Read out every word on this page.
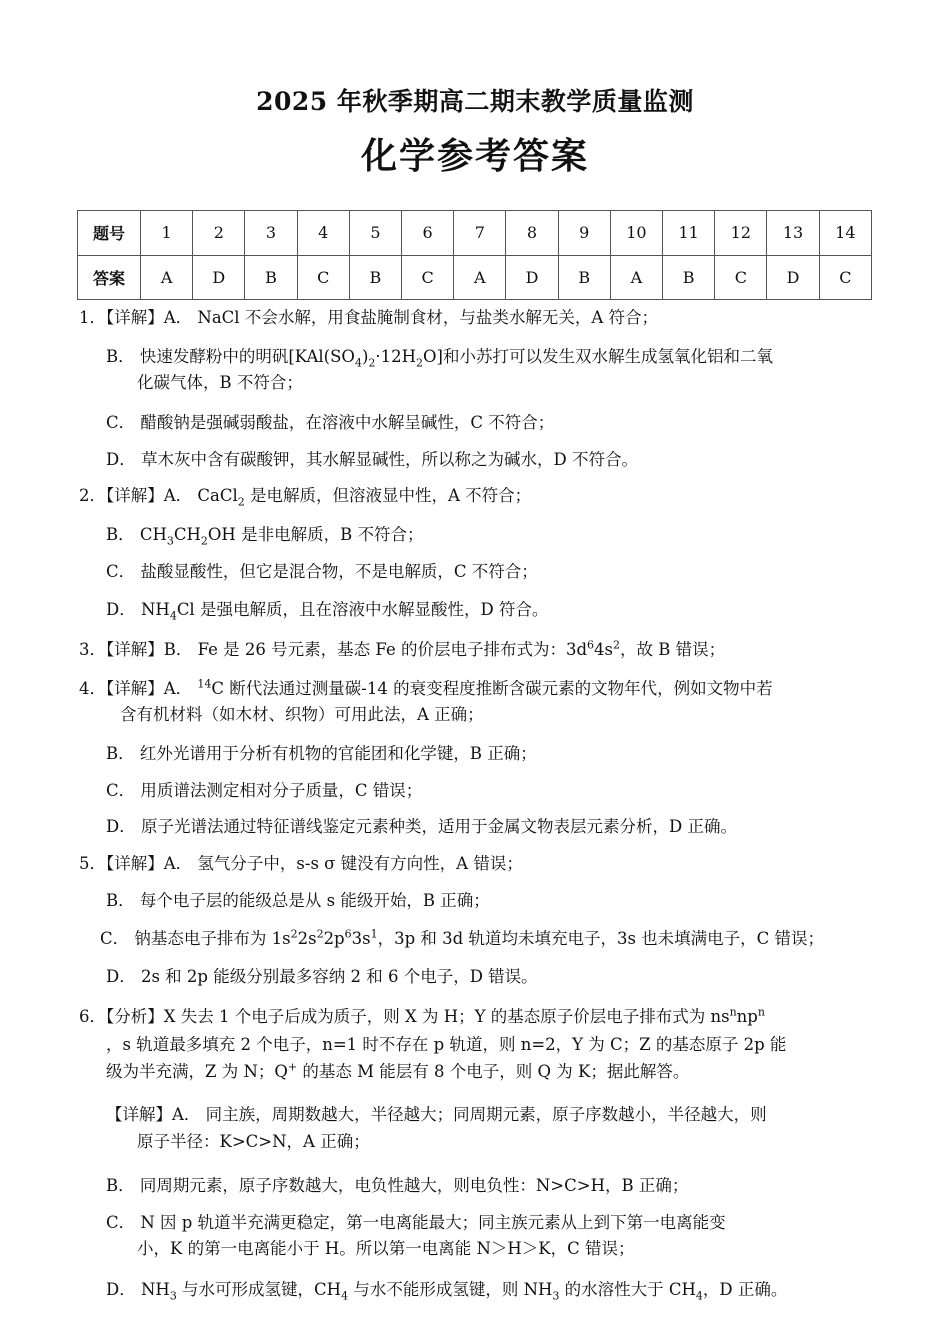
2025 年秋季期高二期末教学质量监测
化学参考答案
题号	1	2	3	4	5	6	7	8	9	10	11	12	13	14
答案	A	D	B	C	B	C	A	D	B	A	B	C	D	C
1．【详解】A． NaCl 不会水解，用食盐腌制食材，与盐类水解无关，A 符合；
B． 快速发酵粉中的明矾$[KAl(SO_4)_2\cdot 12H_2O]$和小苏打可以发生双水解生成氢氧化铝和二氧
化碳气体，B 不符合；
C． 醋酸钠是强碱弱酸盐，在溶液中水解呈碱性，C 不符合；
D． 草木灰中含有碳酸钾，其水解显碱性，所以称之为碱水，D 不符合。
2．【详解】A． CaCl$_2$ 是电解质，但溶液显中性，A 不符合；
B． $CH_3CH_2OH$ 是非电解质，B 不符合；
C． 盐酸显酸性，但它是混合物，不是电解质，C 不符合；
D． $NH_4Cl$ 是强电解质，且在溶液中水解显酸性，D 符合。
3．【详解】B． Fe 是 26 号元素，基态 Fe 的价层电子排布式为：$3d^64s^2$，故 B 错误；
4．【详解】A． $^{14}$C 断代法通过测量碳-14 的衰变程度推断含碳元素的文物年代，例如文物中若
含有机材料（如木材、织物）可用此法，A 正确；
B． 红外光谱用于分析有机物的官能团和化学键，B 正确；
C． 用质谱法测定相对分子质量，C 错误；
D． 原子光谱法通过特征谱线鉴定元素种类，适用于金属文物表层元素分析，D 正确。
5．【详解】A． 氢气分子中，s-s σ 键没有方向性，A 错误；
B． 每个电子层的能级总是从 s 能级开始，B 正确；
C． 钠基态电子排布为 $1s^22s^22p^63s^1$，3p 和 3d 轨道均未填充电子，3s 也未填满电子，C 错误；
D． 2s 和 2p 能级分别最多容纳 2 和 6 个电子，D 错误。
6．【分析】X 失去 1 个电子后成为质子，则 X 为 H；Y 的基态原子价层电子排布式为 $ns^nnp^n$
，s 轨道最多填充 2 个电子，n=1 时不存在 p 轨道，则 n=2，Y 为 C；Z 的基态原子 2p 能
级为半充满，Z 为 N；Q+ 的基态 M 能层有 8 个电子，则 Q 为 K；据此解答。
【详解】A． 同主族，周期数越大，半径越大；同周期元素，原子序数越小，半径越大，则
原子半径：K>C>N，A 正确；
B． 同周期元素，原子序数越大，电负性越大，则电负性：N>C>H，B 正确；
C． N 因 p 轨道半充满更稳定，第一电离能最大；同主族元素从上到下第一电离能变
小，K 的第一电离能小于 H。所以第一电离能 N＞H＞K，C 错误；
D． $NH_3$ 与水可形成氢键，$CH_4$ 与水不能形成氢键，则 $NH_3$ 的水溶性大于 $CH_4$，D 正确。
